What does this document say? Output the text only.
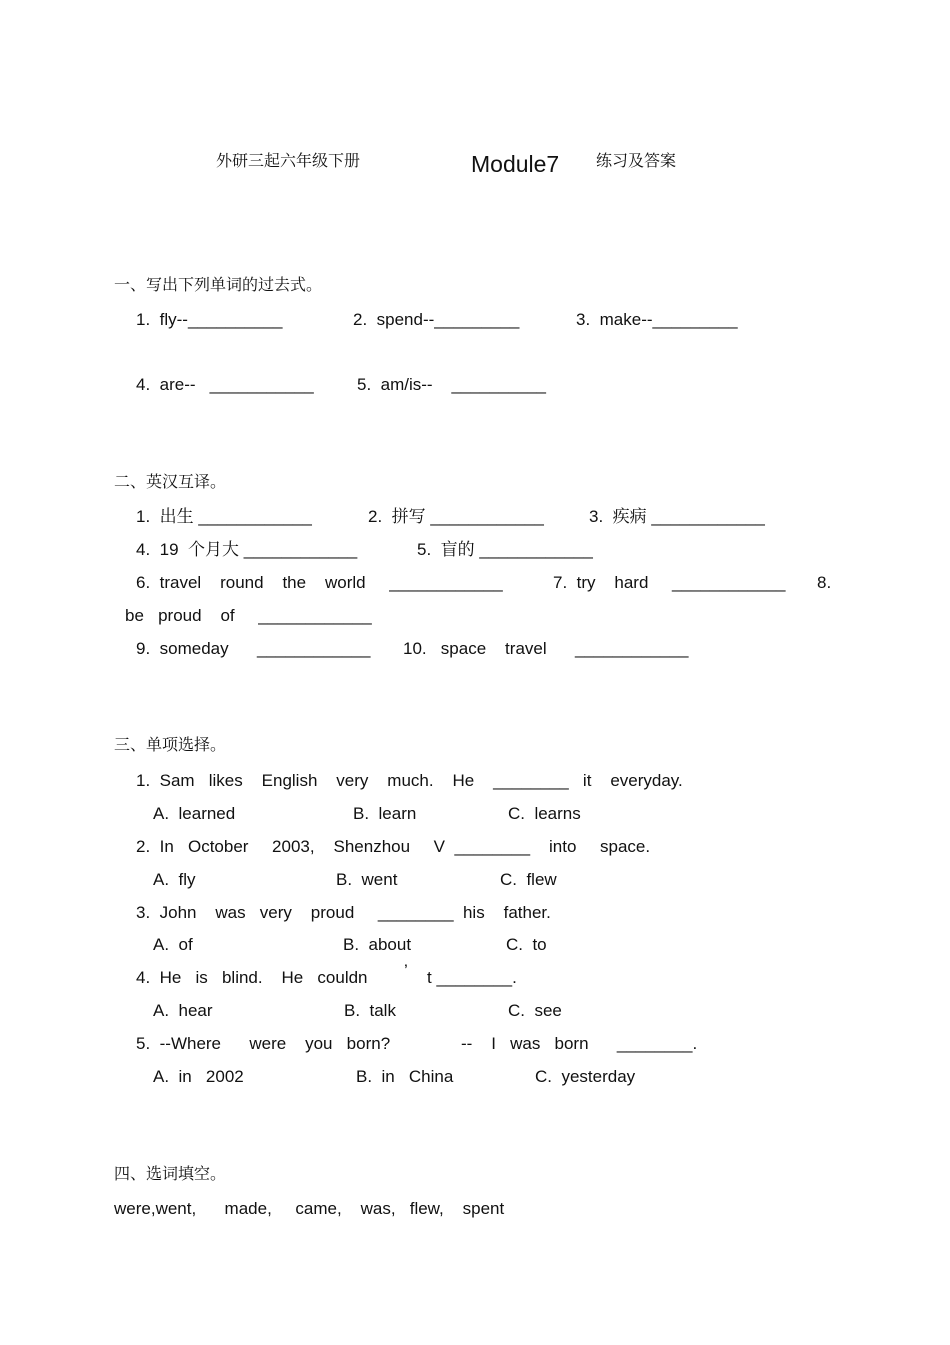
外研三起六年级下册	Module7 练习及答案
一、写出下列单词的过去式。
1.  fly--__________	2.  spend--_________	3.  make--_________
4.  are--   ___________	5.  am/is--    __________
二、英汉互译。
1.  出生 ____________	2.  拼写 ____________	3.  疾病 ____________
4.  19  个月大 ____________	5.  盲的 ____________
6.  travel    round    the    world     ____________	7.  try    hard     ____________ 8.
be   proud    of     ____________
9.  someday      ____________ 10.   space    travel      ____________
三、单项选择。
1.  Sam   likes    English    very    much.    He    ________   it    everyday.
A.  learned	B.  learn	C.  learns
2.  In   October     2003,    Shenzhou     V  ________    into     space.
A.  fly	B.  went	C.  flew
3.  John    was   very    proud     ________  his    father.
A.  of	B.  about	C.  to
4.  He   is   blind.    He   couldn ’ t ________.
A.  hear	B.  talk	C.  see
5.  --Where      were    you   born?	--    I   was   born      ________.
A.  in   2002	B.  in   China	C.  yesterday
四、选词填空。
were,went,      made,     came,    was,   flew,    spent
